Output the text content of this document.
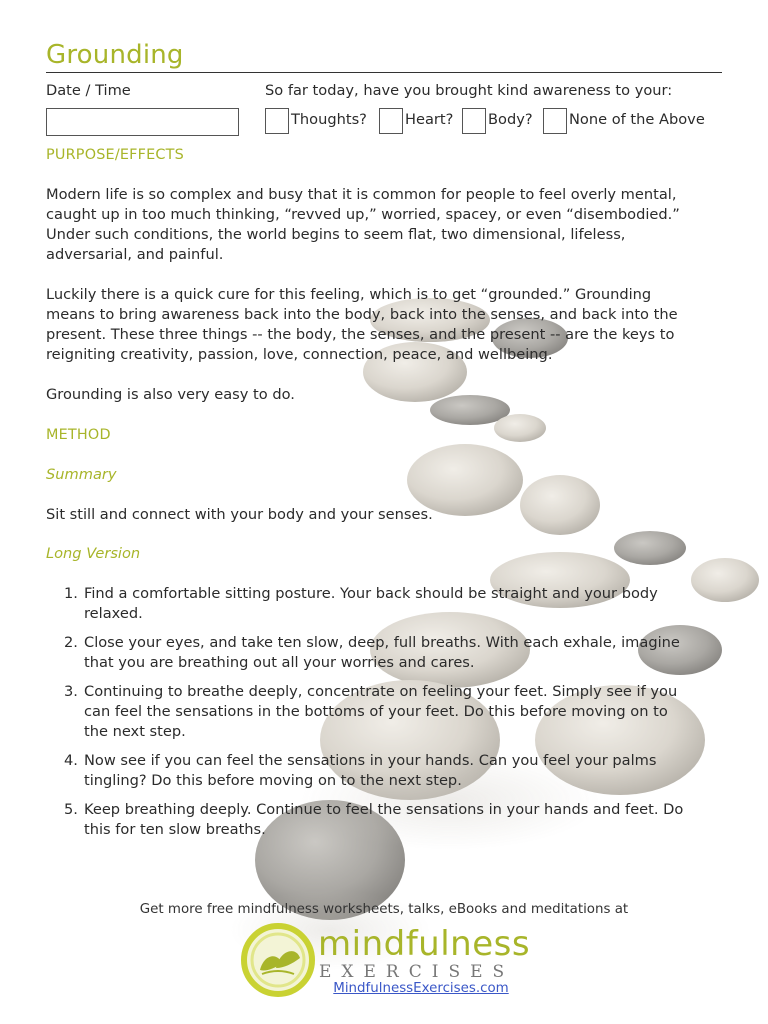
Grounding
Date / Time	So far today, have you brought kind awareness to your:
Thoughts?	Heart? Body? None of the Above
PURPOSE/EFFECTS
Modern life is so complex and busy that it is common for people to feel overly mental,
caught up in too much thinking, “revved up,” worried, spacey, or even “disembodied.”
Under such conditions, the world begins to seem flat, two dimensional, lifeless,
adversarial, and painful.
Luckily there is a quick cure for this feeling, which is to get “grounded.” Grounding
means to bring awareness back into the body, back into the senses, and back into the
present. These three things -- the body, the senses, and the present -- are the keys to
reigniting creativity, passion, love, connection, peace, and wellbeing.
Grounding is also very easy to do.
METHOD
Summary
Sit still and connect with your body and your senses.
Long Version
1. Find a comfortable sitting posture. Your back should be straight and your body
relaxed.
2. Close your eyes, and take ten slow, deep, full breaths. With each exhale, imagine
that you are breathing out all your worries and cares.
3. Continuing to breathe deeply, concentrate on feeling your feet. Simply see if you
can feel the sensations in the bottoms of your feet. Do this before moving on to
the next step.
4. Now see if you can feel the sensations in your hands. Can you feel your palms
tingling? Do this before moving on to the next step.
5. Keep breathing deeply. Continue to feel the sensations in your hands and feet. Do
this for ten slow breaths.
Get more free mindfulness worksheets, talks, eBooks and meditations at
mindfulness
EXERCISES
MindfulnessExercises.com
